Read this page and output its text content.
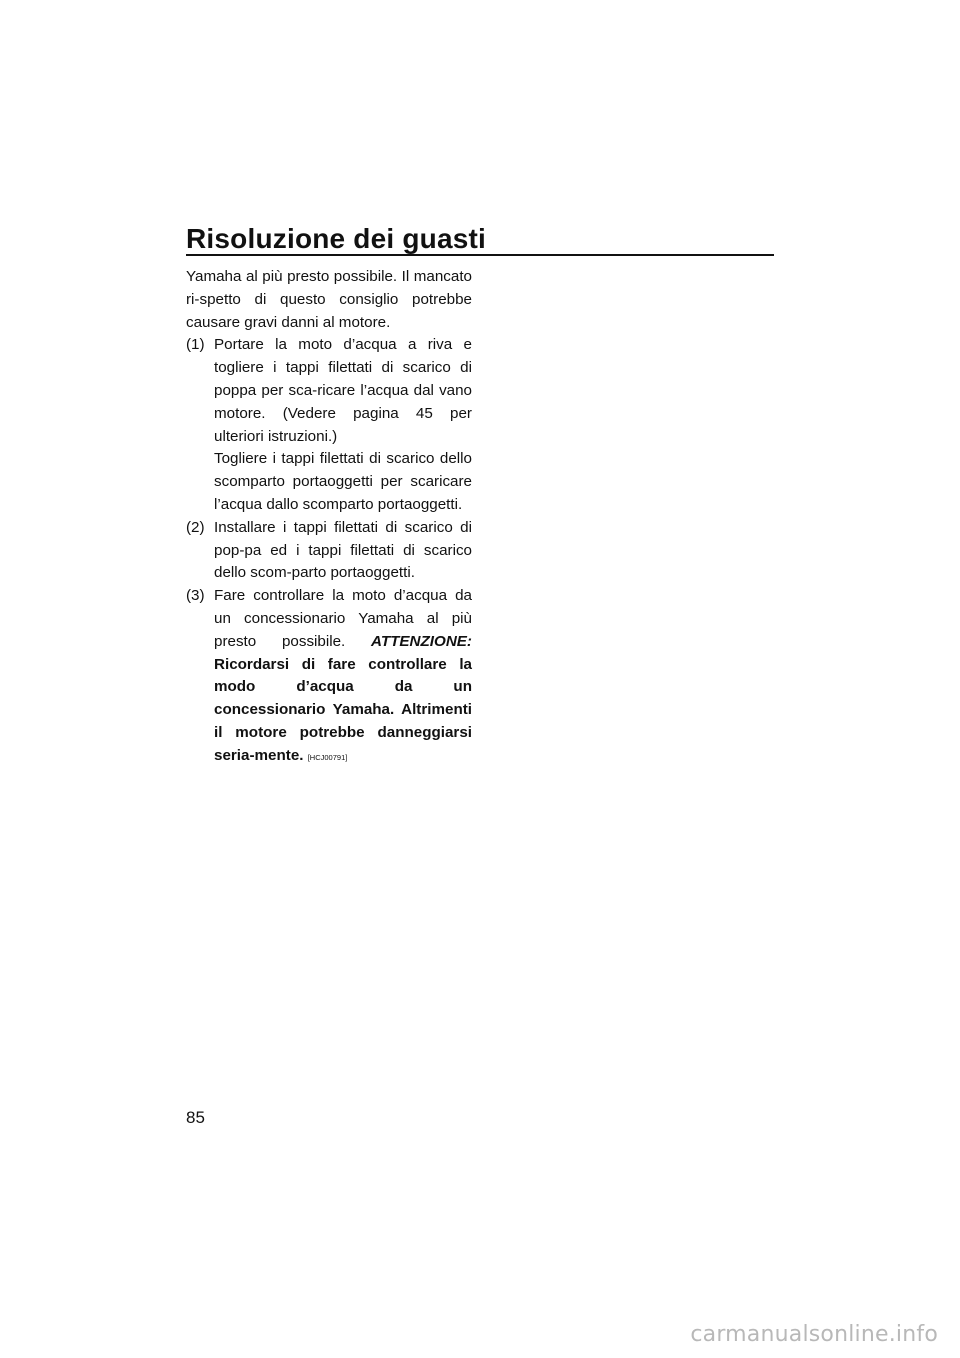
Risoluzione dei guasti

Yamaha al più presto possibile. Il mancato ri-spetto di questo consiglio potrebbe causare gravi danni al motore.

(1) Portare la moto d’acqua a riva e togliere i tappi filettati di scarico di poppa per sca-ricare l’acqua dal vano motore. (Vedere pagina 45 per ulteriori istruzioni.)

Togliere i tappi filettati di scarico dello scomparto portaoggetti per scaricare l’acqua dallo scomparto portaoggetti.

(2) Installare i tappi filettati di scarico di pop-pa ed i tappi filettati di scarico dello scom-parto portaoggetti.

(3) Fare controllare la moto d’acqua da un concessionario Yamaha al più presto possibile. ATTENZIONE: Ricordarsi di fare controllare la modo d’acqua da un concessionario Yamaha. Altrimenti il motore potrebbe danneggiarsi seria-mente. [HCJ00791]

85
carmanualsonline.info
